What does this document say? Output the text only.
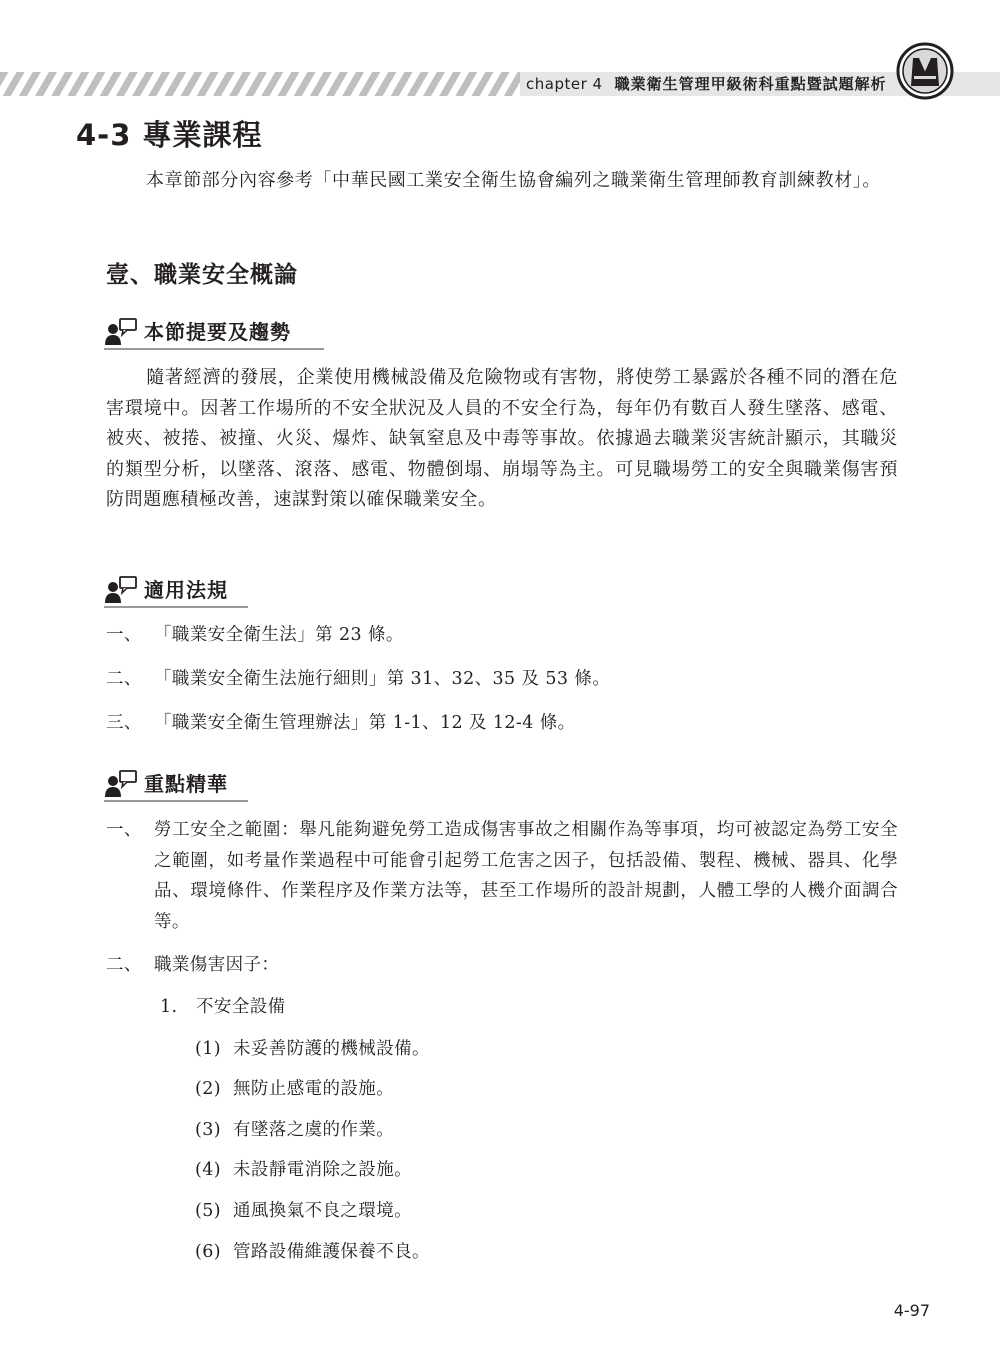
chapter 4 職業衛生管理甲級術科重點暨試題解析
4-3 專業課程
本章節部分內容參考「中華民國工業安全衛生協會編列之職業衛生管理師教育訓練教材」。
壹、職業安全概論
本節提要及趨勢
隨著經濟的發展，企業使用機械設備及危險物或有害物，將使勞工暴露於各種不同的潛在危害環境中。因著工作場所的不安全狀況及人員的不安全行為，每年仍有數百人發生墜落、感電、被夾、被捲、被撞、火災、爆炸、缺氧窒息及中毒等事故。依據過去職業災害統計顯示，其職災的類型分析，以墜落、滾落、感電、物體倒塌、崩塌等為主。可見職場勞工的安全與職業傷害預防問題應積極改善，速謀對策以確保職業安全。
適用法規
一、 「職業安全衛生法」第 23 條。
二、 「職業安全衛生法施行細則」第 31、32、35 及 53 條。
三、 「職業安全衛生管理辦法」第 1-1、12 及 12-4 條。
重點精華
一、 勞工安全之範圍：舉凡能夠避免勞工造成傷害事故之相關作為等事項，均可被認定為勞工安全之範圍，如考量作業過程中可能會引起勞工危害之因子，包括設備、製程、機械、器具、化學品、環境條件、作業程序及作業方法等，甚至工作場所的設計規劃，人體工學的人機介面調合等。
二、 職業傷害因子：
1. 不安全設備
(1) 未妥善防護的機械設備。
(2) 無防止感電的設施。
(3) 有墜落之虞的作業。
(4) 未設靜電消除之設施。
(5) 通風換氣不良之環境。
(6) 管路設備維護保養不良。
4-97
